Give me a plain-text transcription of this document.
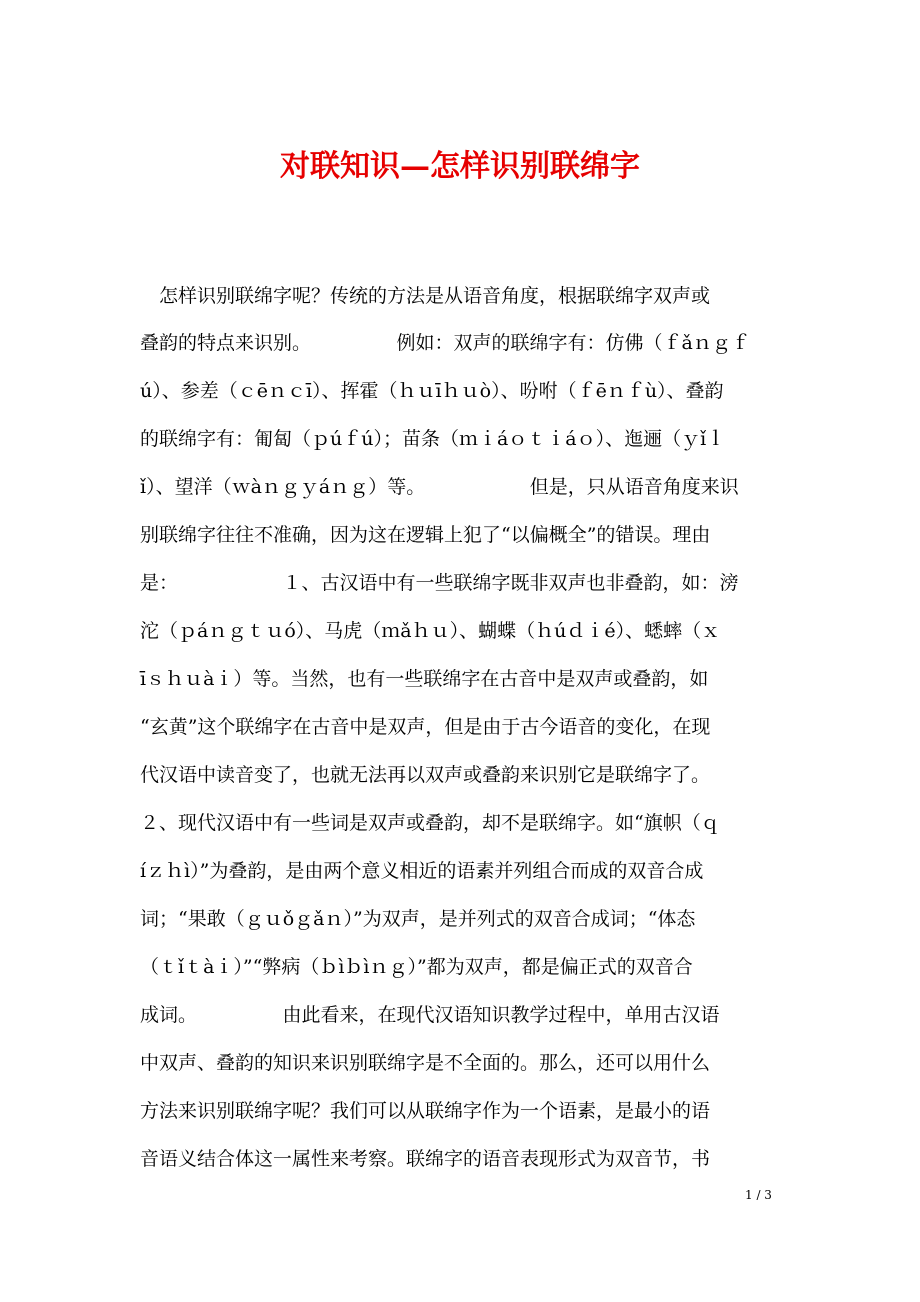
对联知识—怎样识别联绵字

　怎样识别联绵字呢？传统的方法是从语音角度，根据联绵字双声或

叠韵的特点来识别。　　　　　例如：双声的联绵字有：仿佛（ｆǎｎｇｆ

ú）、参差（ｃēｎｃī）、挥霍（ｈｕīｈｕò）、吩咐（ｆēｎｆù）、叠韵

的联绵字有：匍匐（ｐúｆú）；苗条（ｍｉáｏｔｉáｏ）、迤逦（ｙǐｌ

ǐ）、望洋（ｗàｎｇｙáｎｇ）等。　　　　　　但是，只从语音角度来识

别联绵字往往不准确，因为这在逻辑上犯了“以偏概全”的错误。理由

是：　　　　　　１、古汉语中有一些联绵字既非双声也非叠韵，如：滂

沱（ｐáｎｇｔｕó）、马虎（ｍǎｈｕ）、蝴蝶（ｈúｄｉé）、蟋蟀（ｘ

īｓｈｕàｉ）等。当然，也有一些联绵字在古音中是双声或叠韵，如

“玄黄”这个联绵字在古音中是双声，但是由于古今语音的变化，在现

代汉语中读音变了，也就无法再以双声或叠韵来识别它是联绵字了。

２、现代汉语中有一些词是双声或叠韵，却不是联绵字。如“旗帜（ｑ

íｚｈì）”为叠韵，是由两个意义相近的语素并列组合而成的双音合成

词；“果敢（ｇｕǒｇǎｎ）”为双声，是并列式的双音合成词；“体态

（ｔǐｔàｉ）”“弊病（ｂìｂìｎｇ）”都为双声，都是偏正式的双音合

成词。　　　　　由此看来，在现代汉语知识教学过程中，单用古汉语

中双声、叠韵的知识来识别联绵字是不全面的。那么，还可以用什么

方法来识别联绵字呢？我们可以从联绵字作为一个语素，是最小的语

音语义结合体这一属性来考察。联绵字的语音表现形式为双音节，书

1 / 3
